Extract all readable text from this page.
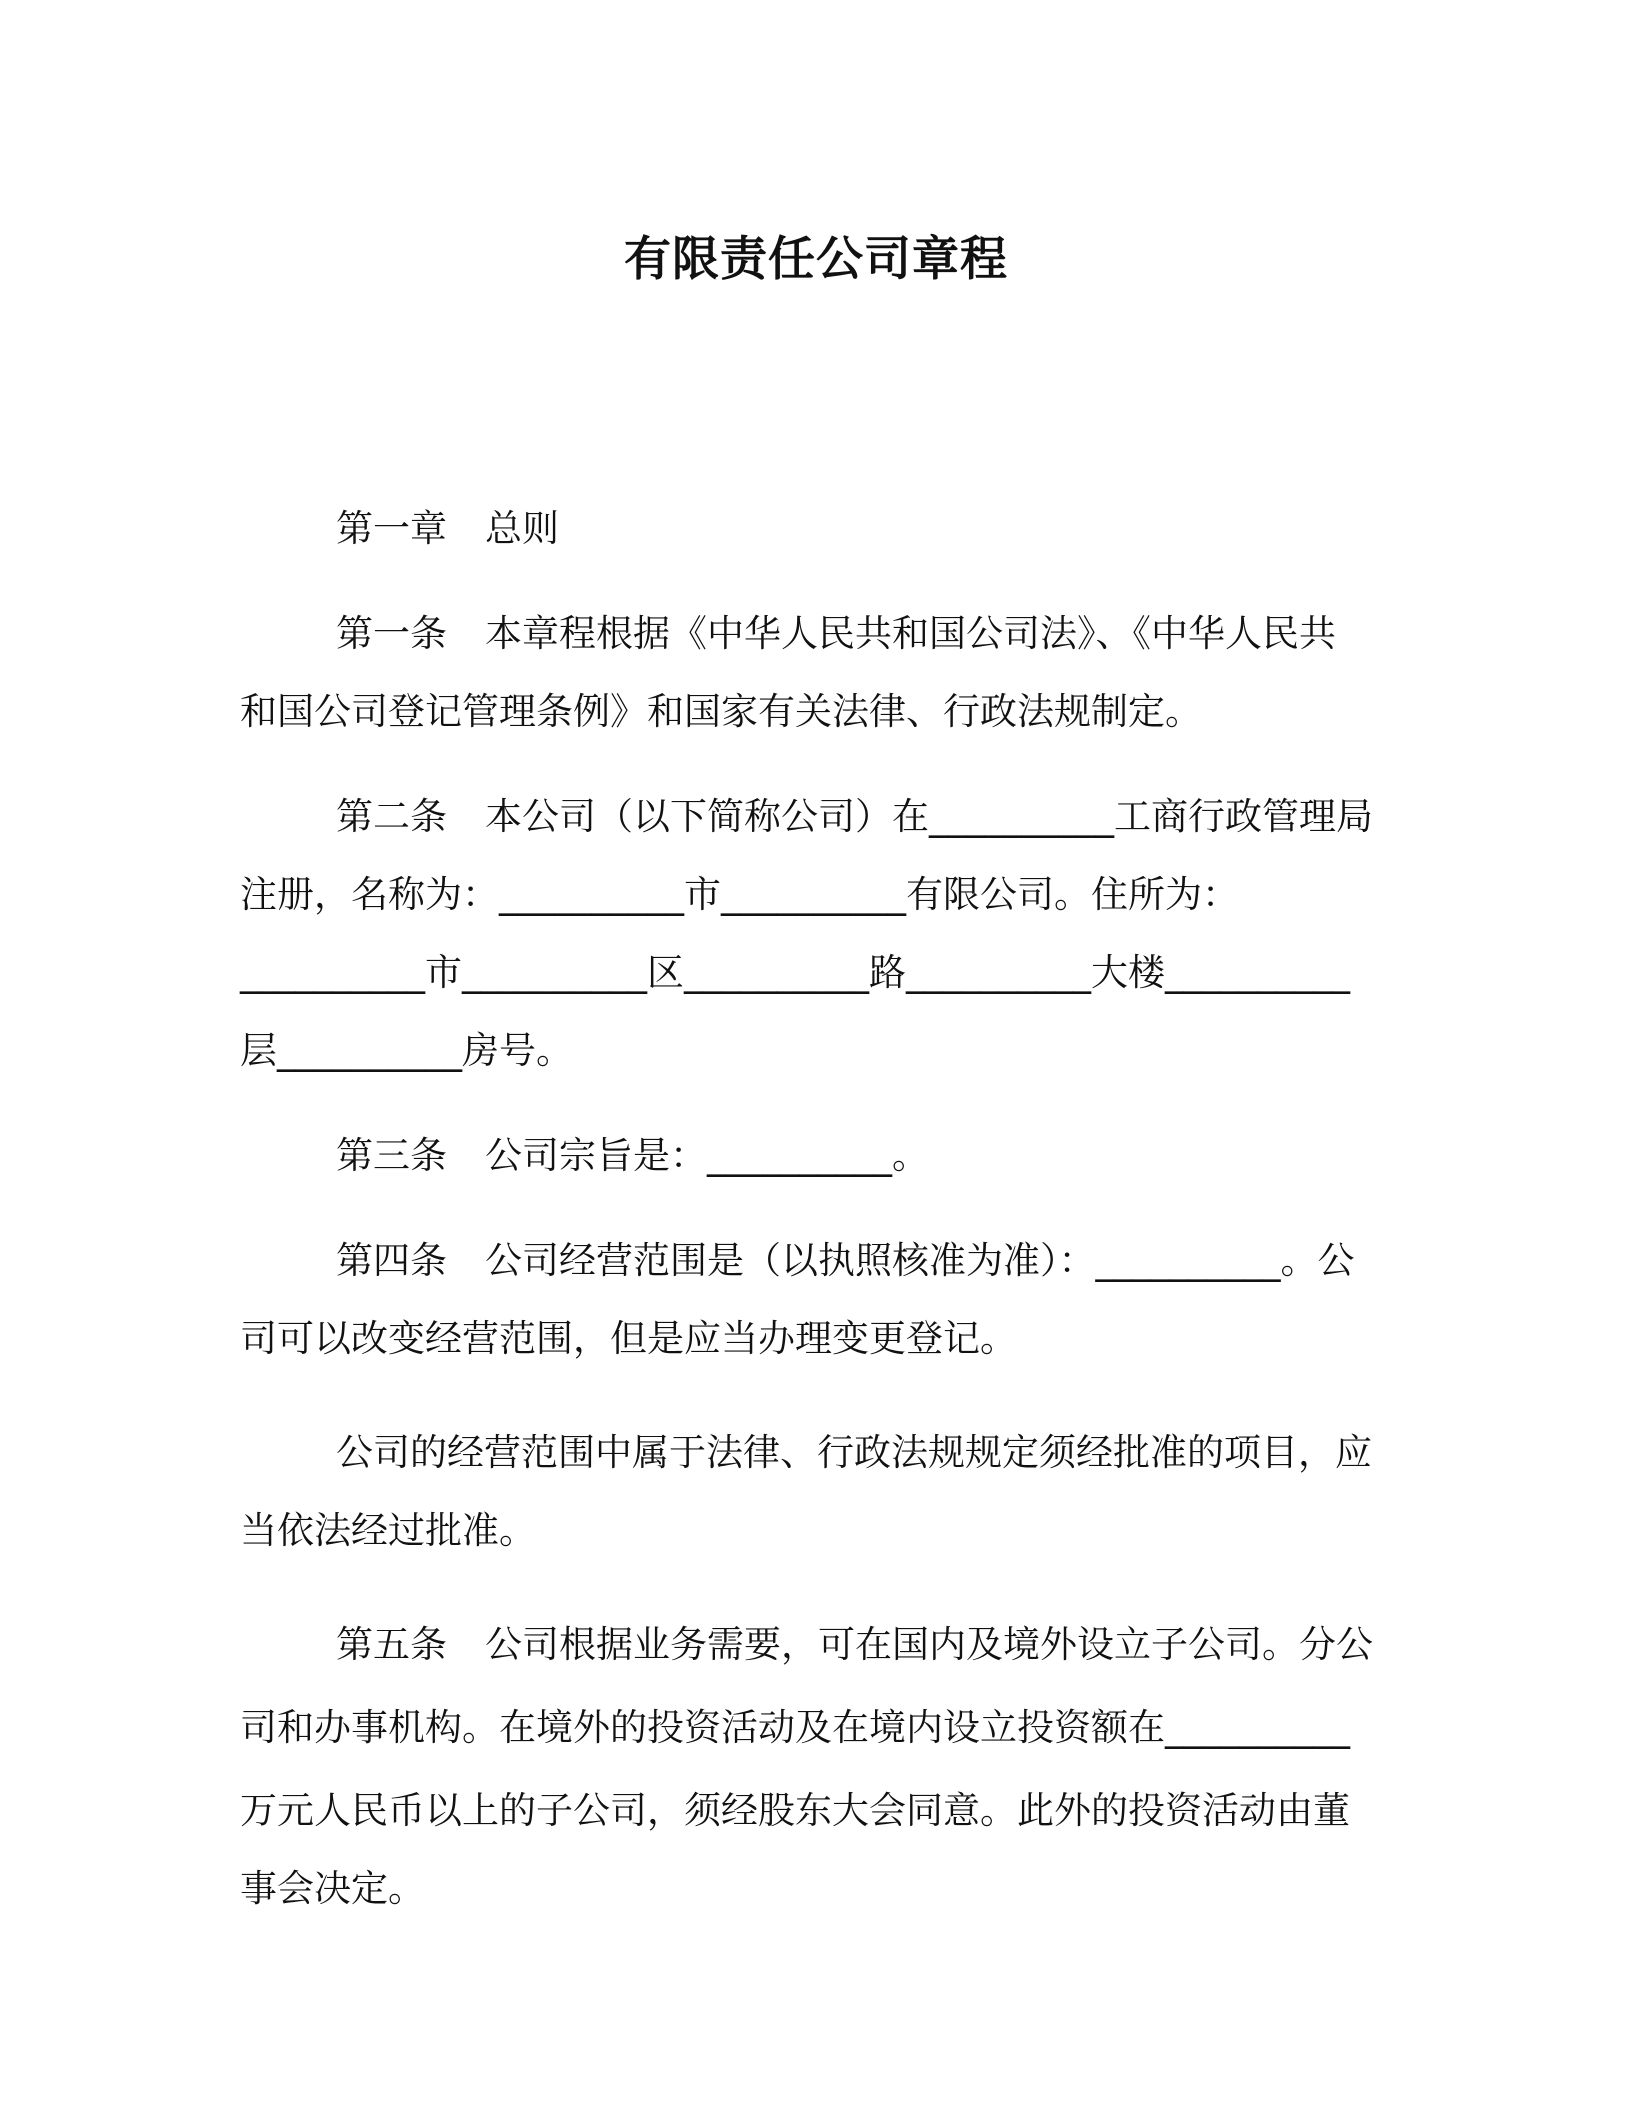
有限责任公司章程

第一章 总则

第一条 本章程根据《中华人民共和国公司法》、《中华人民共
和国公司登记管理条例》和国家有关法律、行政法规制定。
第二条 本公司（以下简称公司）在__________工商行政管理局
注册，名称为：__________市__________有限公司。住所为：
__________市__________区__________路__________大楼__________
层__________房号。
第三条 公司宗旨是：__________。
第四条 公司经营范围是（以执照核准为准）：__________。公
司可以改变经营范围，但是应当办理变更登记。
公司的经营范围中属于法律、行政法规规定须经批准的项目，应
当依法经过批准。
第五条 公司根据业务需要，可在国内及境外设立子公司。分公
司和办事机构。在境外的投资活动及在境内设立投资额在__________
万元人民币以上的子公司，须经股东大会同意。此外的投资活动由董
事会决定。
